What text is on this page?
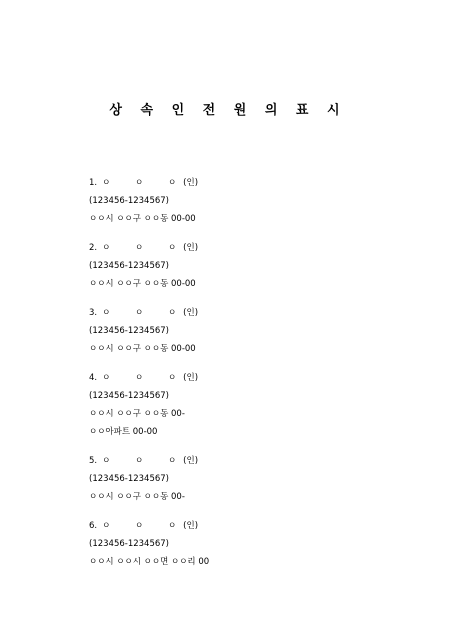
상 속 인 전 원 의 표 시
1. ㅇ ㅇ ㅇ(인)
(123456-1234567)
ㅇㅇ시 ㅇㅇ구 ㅇㅇ동 00-00
2. ㅇ ㅇ ㅇ(인)
(123456-1234567)
ㅇㅇ시 ㅇㅇ구 ㅇㅇ동 00-00
3. ㅇ ㅇ ㅇ(인)
(123456-1234567)
ㅇㅇ시 ㅇㅇ구 ㅇㅇ동 00-00
4. ㅇ ㅇ ㅇ(인)
(123456-1234567)
ㅇㅇ시 ㅇㅇ구 ㅇㅇ동 00-
ㅇㅇ아파트 00-00
5. ㅇ ㅇ ㅇ(인)
(123456-1234567)
ㅇㅇ시 ㅇㅇ구 ㅇㅇ동 00-
6. ㅇ ㅇ ㅇ(인)
(123456-1234567)
ㅇㅇ시 ㅇㅇ시 ㅇㅇ면 ㅇㅇ리 00
